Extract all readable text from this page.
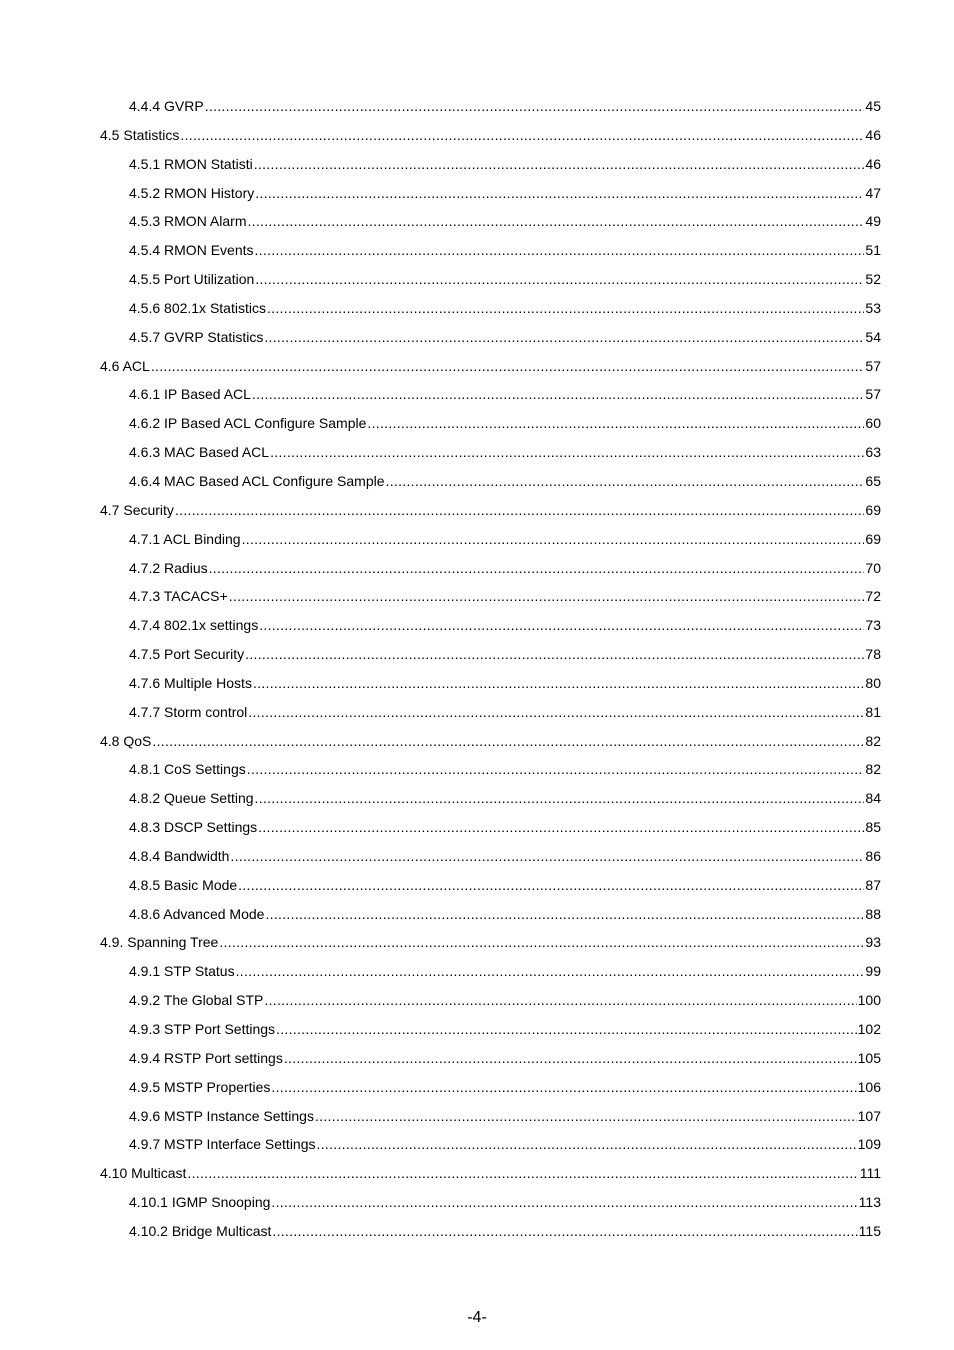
4.4.4 GVRP .....	45
4.5 Statistics .....	46
4.5.1 RMON Statisti .....	46
4.5.2 RMON History .....	47
4.5.3 RMON Alarm .....	49
4.5.4 RMON Events .....	51
4.5.5 Port Utilization .....	52
4.5.6 802.1x Statistics .....	53
4.5.7 GVRP Statistics .....	54
4.6 ACL .....	57
4.6.1 IP Based ACL .....	57
4.6.2 IP Based ACL Configure Sample .....	60
4.6.3 MAC Based ACL .....	63
4.6.4 MAC Based ACL Configure Sample .....	65
4.7 Security .....	69
4.7.1 ACL Binding .....	69
4.7.2 Radius .....	70
4.7.3 TACACS+ .....	72
4.7.4 802.1x settings .....	73
4.7.5 Port Security .....	78
4.7.6 Multiple Hosts .....	80
4.7.7 Storm control .....	81
4.8 QoS .....	82
4.8.1 CoS Settings .....	82
4.8.2 Queue Setting .....	84
4.8.3 DSCP Settings .....	85
4.8.4 Bandwidth .....	86
4.8.5 Basic Mode .....	87
4.8.6 Advanced Mode .....	88
4.9. Spanning Tree .....	93
4.9.1 STP Status .....	99
4.9.2 The Global STP .....	100
4.9.3 STP Port Settings .....	102
4.9.4 RSTP Port settings .....	105
4.9.5 MSTP Properties .....	106
4.9.6 MSTP Instance Settings .....	107
4.9.7 MSTP Interface Settings .....	109
4.10 Multicast .....	111
4.10.1 IGMP Snooping .....	113
4.10.2 Bridge Multicast .....	115
-4-
